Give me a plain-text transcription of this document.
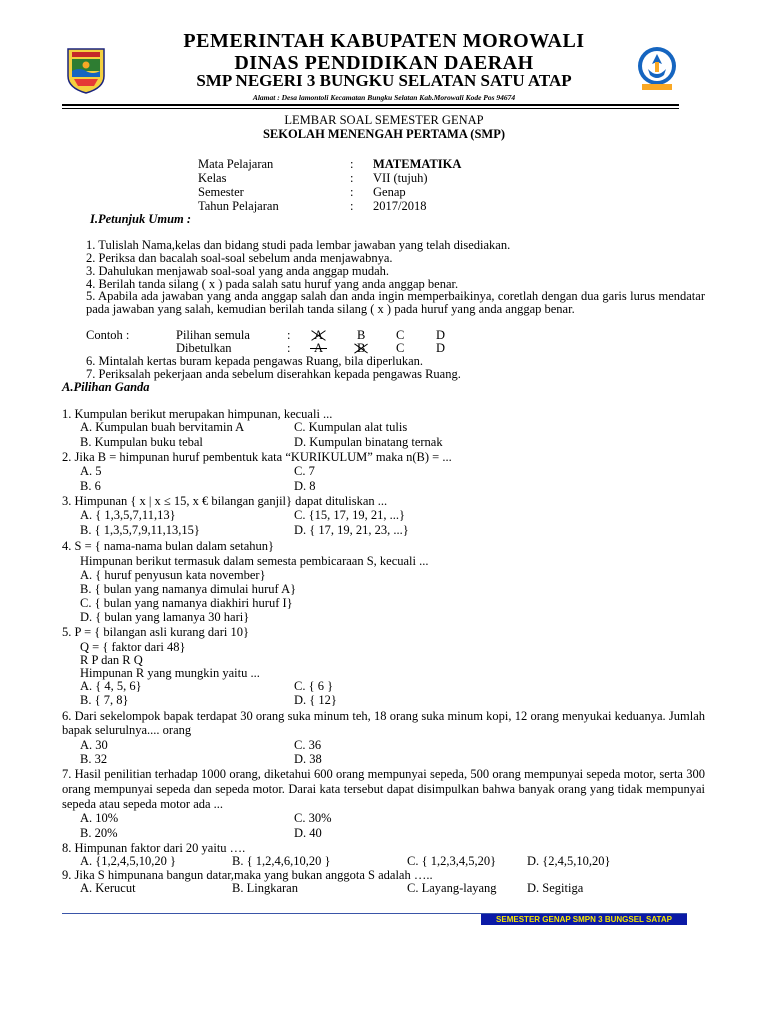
PEMERINTAH KABUPATEN MOROWALI
DINAS PENDIDIKAN DAERAH
SMP NEGERI 3 BUNGKU SELATAN SATU ATAP
Alamat : Desa lamontoli Kecamatan Bungku Selatan Kab.Morowali Kode Pos 94674
LEMBAR SOAL SEMESTER GENAP
SEKOLAH MENENGAH PERTAMA (SMP)
Mata Pelajaran	: MATEMATIKA
Kelas	: VII (tujuh)
Semester	: Genap
Tahun Pelajaran	: 2017/2018
I.Petunjuk Umum :
1. Tulislah Nama,kelas dan bidang studi pada lembar jawaban yang telah disediakan.
2. Periksa dan bacalah soal-soal sebelum anda menjawabnya.
3. Dahulukan menjawab soal-soal yang anda anggap mudah.
4. Berilah tanda silang ( x ) pada salah satu huruf yang anda anggap benar.
5. Apabila ada jawaban yang anda anggap salah dan anda ingin memperbaikinya, coretlah dengan dua garis lurus mendatar pada jawaban yang salah, kemudian berilah tanda silang ( x ) pada huruf yang anda anggap benar.
Contoh :	Pilihan semula	: A	B C	D
Dibetulkan	: A	B C	D
6. Mintalah kertas buram kepada pengawas Ruang, bila diperlukan.
7. Periksalah pekerjaan anda sebelum diserahkan kepada pengawas Ruang.
A.Pilihan Ganda
1. Kumpulan berikut merupakan himpunan, kecuali ...
A. Kumpulan buah bervitamin A	C. Kumpulan alat tulis
B. Kumpulan buku tebal	D. Kumpulan binatang ternak
2. Jika B = himpunan huruf pembentuk kata “KURIKULUM” maka n(B) = ...
A. 5	C. 7
B. 6	D. 8
3. Himpunan { x | x ≤ 15, x € bilangan ganjil} dapat dituliskan ...
A. { 1,3,5,7,11,13}	C. {15, 17, 19, 21, ...}
B. { 1,3,5,7,9,11,13,15}	D. { 17, 19, 21, 23, ...}
4. S = { nama-nama bulan dalam setahun}
Himpunan berikut termasuk dalam semesta pembicaraan S, kecuali ...
A. { huruf penyusun kata november}
B. { bulan yang namanya dimulai huruf A}
C. { bulan yang namanya diakhiri huruf I}
D. { bulan yang lamanya 30 hari}
5. P = { bilangan asli kurang dari 10}
Q = { faktor dari 48}
R P dan R Q
Himpunan R yang mungkin yaitu ...
A. { 4, 5, 6}	C. { 6 }
B. { 7, 8}	D. { 12}
6. Dari sekelompok bapak terdapat 30 orang suka minum teh, 18 orang suka minum kopi, 12 orang menyukai keduanya. Jumlah bapak selurulnya.... orang
A. 30	C. 36
B. 32	D. 38
7. Hasil penilitian terhadap 1000 orang, diketahui 600 orang mempunyai sepeda, 500 orang mempunyai sepeda motor, serta 300 orang mempunyai sepeda dan sepeda motor. Darai kata tersebut dapat disimpulkan bahwa banyak orang yang tidak mempunyai sepeda atau sepeda motor ada ...
A. 10%	C. 30%
B. 20%	D. 40
8. Himpunan faktor dari 20 yaitu ….
A. {1,2,4,5,10,20 }	B. { 1,2,4,6,10,20 }	C. { 1,2,3,4,5,20} D. {2,4,5,10,20}
9. Jika S himpunana bangun datar,maka yang bukan anggota S adalah …..
A. Kerucut	B. Lingkaran	C. Layang-layang D. Segitiga
SEMESTER GENAP SMPN 3 BUNGSEL SATAP
